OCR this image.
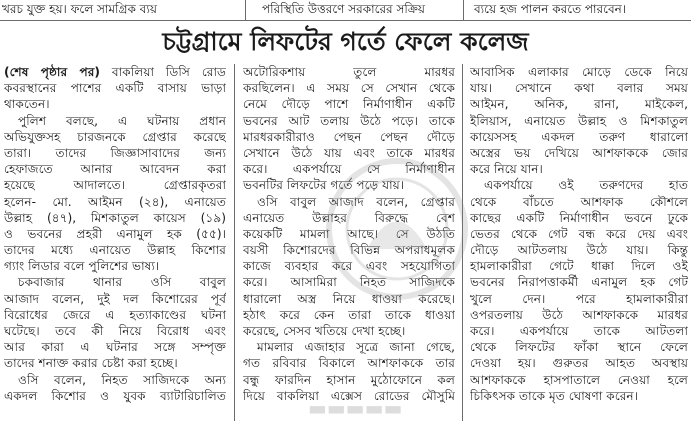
খরচ যুক্ত হয়। ফলে সামগ্রিক ব্যয়	পরিস্থিতি উত্তরণে সরকারের সক্রিয়	ব্যয়ে হজ পালন করতে পারবেন।
চট্টগ্রামে লিফটের গর্তে ফেলে কলেজ
(শেষ পৃষ্ঠার পর) বাকলিয়া ডিসি রোড
কবরস্থানের পাশের একটি বাসায় ভাড়া
থাকতেন।
পুলিশ বলছে, এ ঘটনায় প্রধান
অভিযুক্তসহ চারজনকে গ্রেপ্তার করেছে
তারা। তাদের জিজ্ঞাসাবাদের জন্য
হেফাজতে আনার আবেদন করা
হয়েছে আদালতে। গ্রেপ্তারকৃতরা
হলেন- মো. আইমন (২৪), এনায়েত
উল্লাহ (৪৭), মিশকাতুল কায়েস (১৯)
ও ভবনের প্রহরী এনামুল হক (৫৫)।
তাদের মধ্যে এনায়েত উল্লাহ কিশোর
গ্যাং লিডার বলে পুলিশের ভাষ্য।
চকবাজার থানার ওসি বাবুল
আজাদ বলেন, দুই দল কিশোরের পূর্ব
বিরোধের জেরে এ হত্যাকাণ্ডের ঘটনা
ঘটেছে। তবে কী নিয়ে বিরোধ এবং
আর কারা এ ঘটনার সঙ্গে সম্পৃক্ত
তাদের শনাক্ত করার চেষ্টা করা হচ্ছে।
ওসি বলেন, নিহত সাজিদকে অন্য
একদল কিশোর ও যুবক ব্যাটারিচালিত
অটোরিকশায় তুলে মারধর
করছিলেন। এ সময় সে সেখান থেকে
নেমে দৌড়ে পাশে নির্মাণাধীন একটি
ভবনের আট তলায় উঠে পড়ে। তাকে
মারধরকারীরাও পেছন পেছন দৌড়ে
সেখানে উঠে যায় এবং তাকে মারধর
করে। একপর্যায়ে সে নির্মাণাধীন
ভবনটির লিফটের গর্তে পড়ে যায়।
ওসি বাবুল আজাদ বলেন, গ্রেপ্তার
এনায়েত উল্লাহর বিরুদ্ধে বেশ
কয়েকটি মামলা আছে। সে উঠতি
বয়সী কিশোরদের বিভিন্ন অপরাধমূলক
কাজে ব্যবহার করে এবং সহযোগিতা
করে। আসামিরা নিহত সাজিদকে
ধারালো অস্ত্র নিয়ে ধাওয়া করেছে।
হঠাৎ করে কেন তারা তাকে ধাওয়া
করেছে, সেসব খতিয়ে দেখা হচ্ছে।
মামলার এজাহার সূত্রে জানা গেছে,
গত রবিবার বিকালে আশফাককে তার
বন্ধু ফারদিন হাসান মুঠোফোনে কল
দিয়ে বাকলিয়া এক্সেস রোডের মৌসুমি
আবাসিক এলাকার মোড়ে ডেকে নিয়ে
যায়। সেখানে কথা বলার সময়
আইমন, অনিক, রানা, মাইকেল,
ইলিয়াস, এনায়েত উল্লাহ ও মিশকাতুল
কায়েসসহ একদল তরুণ ধারালো
অস্ত্রের ভয় দেখিয়ে আশফাককে জোর
করে নিয়ে যান।
একপর্যায়ে ওই তরুণদের হাত
থেকে বাঁচতে আশফাক কৌশলে
কাছের একটি নির্মাণাধীন ভবনে ঢুকে
ভেতর থেকে গেট বন্ধ করে দেয় এবং
দৌড়ে আটতলায় উঠে যায়। কিন্তু
হামলাকারীরা গেটে ধাক্কা দিলে ওই
ভবনের নিরাপত্তাকর্মী এনামুল হক গেট
খুলে দেন। পরে হামলাকারীরা
ওপরতলায় উঠে আশফাককে মারধর
করে। একপর্যায়ে তাকে আটতলা
থেকে লিফটের ফাঁকা স্থানে ফেলে
দেওয়া হয়। গুরুতর আহত অবস্থায়
আশফাককে হাসপাতালে নেওয়া হলে
চিকিৎসক তাকে মৃত ঘোষণা করেন।
▬▬▬▬▬
